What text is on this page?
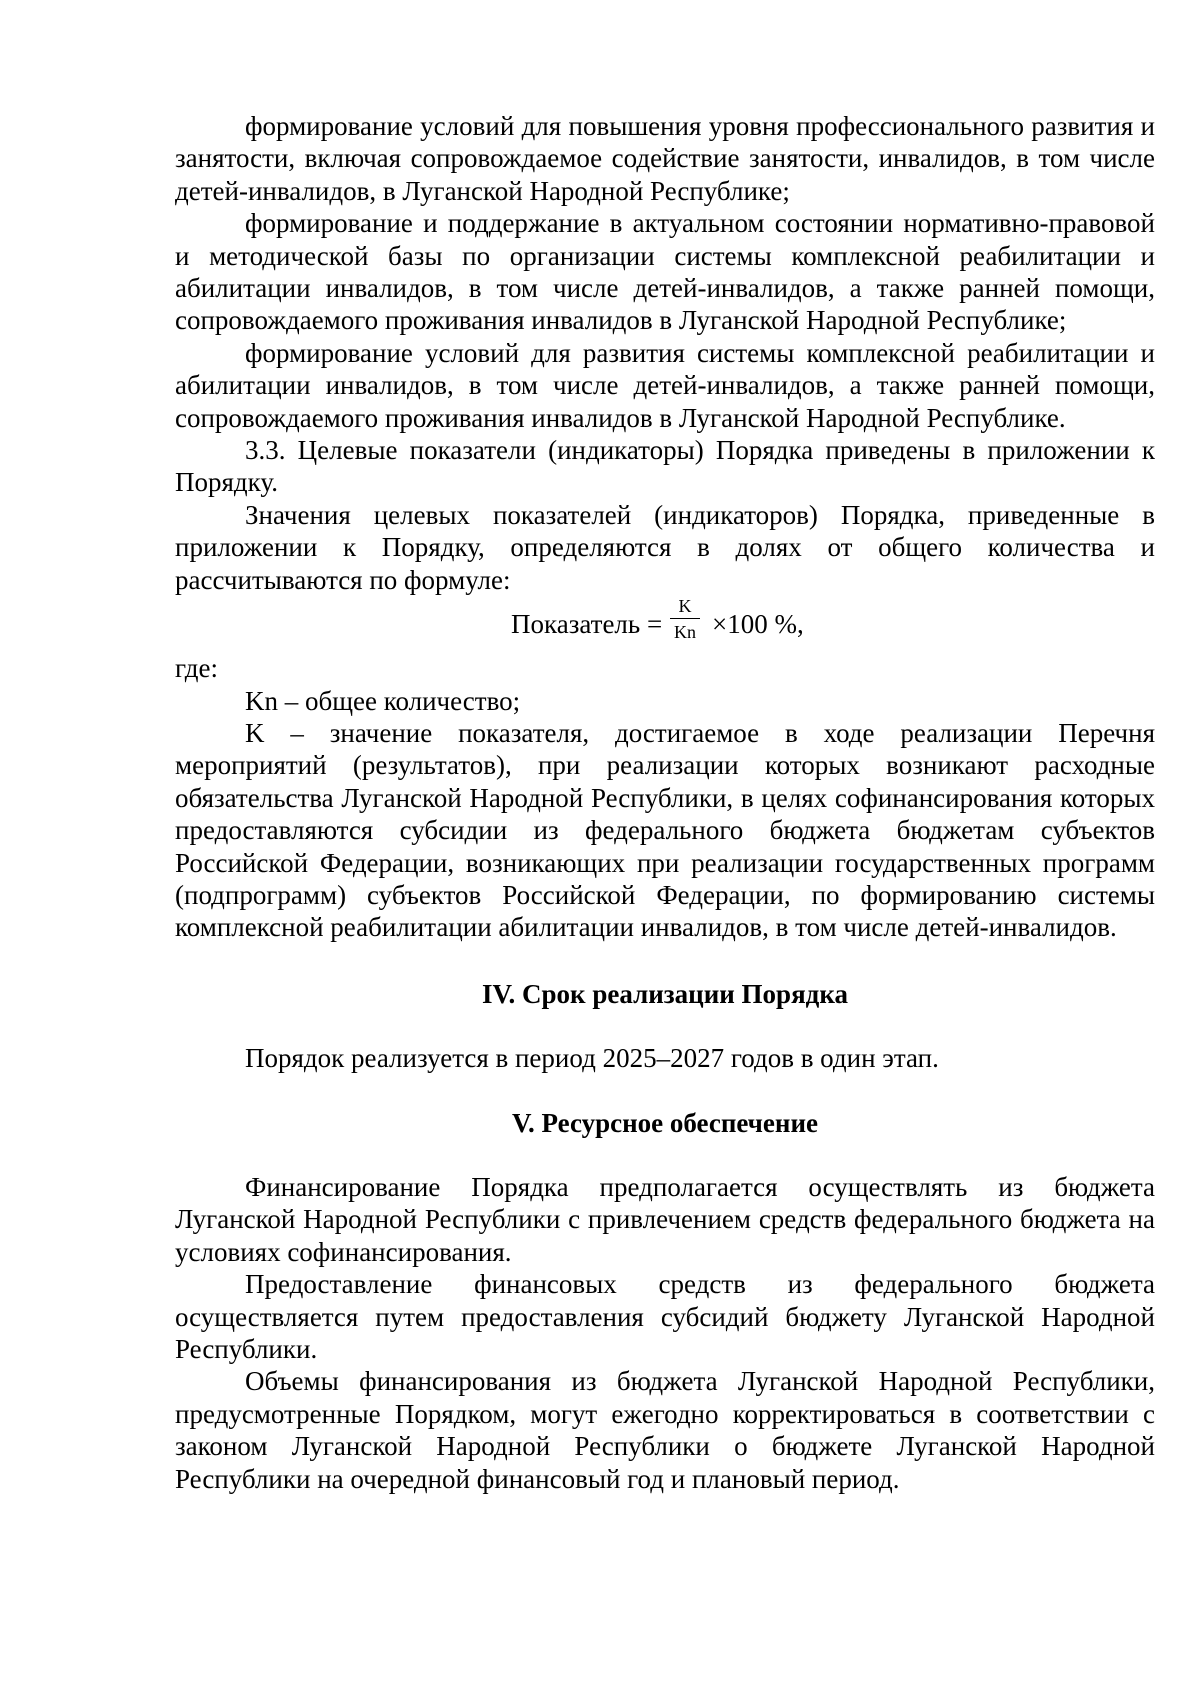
формирование условий для повышения уровня профессионального развития и занятости, включая сопровождаемое содействие занятости, инвалидов, в том числе детей-инвалидов, в Луганской Народной Республике;

формирование и поддержание в актуальном состоянии нормативно-правовой и методической базы по организации системы комплексной реабилитации и абилитации инвалидов, в том числе детей-инвалидов, а также ранней помощи, сопровождаемого проживания инвалидов в Луганской Народной Республике;

формирование условий для развития системы комплексной реабилитации и абилитации инвалидов, в том числе детей-инвалидов, а также ранней помощи, сопровождаемого проживания инвалидов в Луганской Народной Республике.

3.3. Целевые показатели (индикаторы) Порядка приведены в приложении к Порядку.

Значения целевых показателей (индикаторов) Порядка, приведенные в приложении к Порядку, определяются в долях от общего количества и рассчитываются по формуле:

Показатель = $\frac{K}{Kn} \times 100$ %,

где:

Kn – общее количество;

K – значение показателя, достигаемое в ходе реализации Перечня мероприятий (результатов), при реализации которых возникают расходные обязательства Луганской Народной Республики, в целях софинансирования которых предоставляются субсидии из федерального бюджета бюджетам субъектов Российской Федерации, возникающих при реализации государственных программ (подпрограмм) субъектов Российской Федерации, по формированию системы комплексной реабилитации абилитации инвалидов, в том числе детей-инвалидов.

IV. Срок реализации Порядка

Порядок реализуется в период 2025–2027 годов в один этап.

V. Ресурсное обеспечение

Финансирование Порядка предполагается осуществлять из бюджета Луганской Народной Республики с привлечением средств федерального бюджета на условиях софинансирования.

Предоставление финансовых средств из федерального бюджета осуществляется путем предоставления субсидий бюджету Луганской Народной Республики.

Объемы финансирования из бюджета Луганской Народной Республики, предусмотренные Порядком, могут ежегодно корректироваться в соответствии с законом Луганской Народной Республики о бюджете Луганской Народной Республики на очередной финансовый год и плановый период.
